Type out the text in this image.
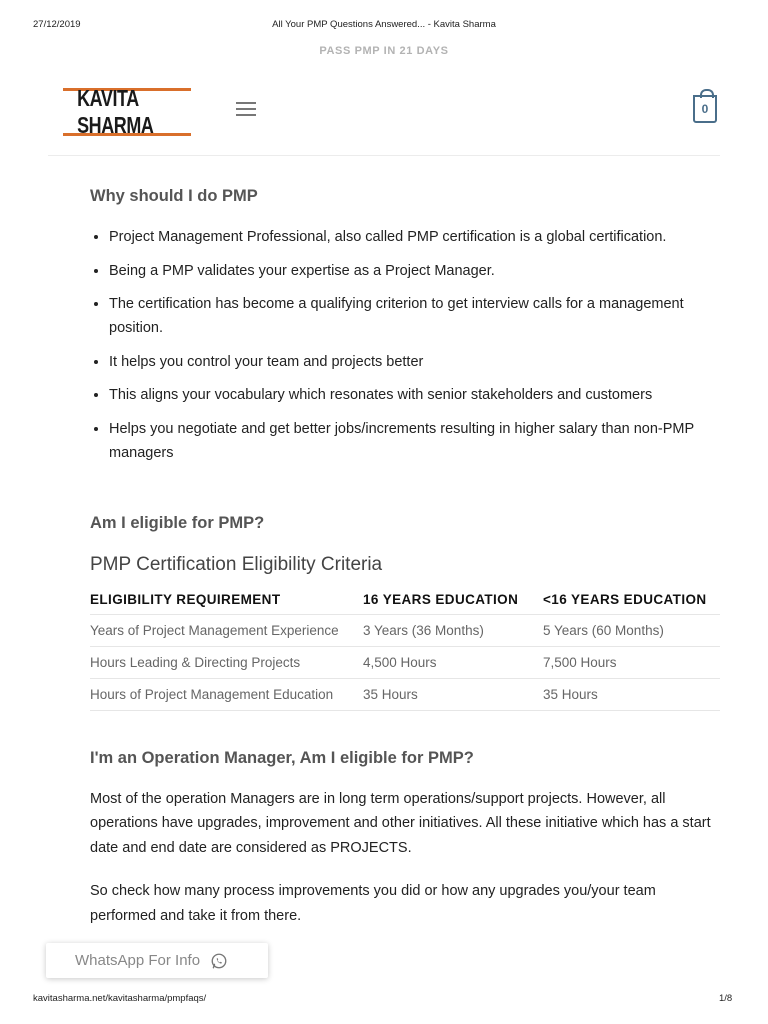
27/12/2019	All Your PMP Questions Answered... - Kavita Sharma
PASS PMP IN 21 DAYS
KAVITA SHARMA
0
Why should I do PMP
• Project Management Professional, also called PMP certification is a global certification.
• Being a PMP validates your expertise as a Project Manager.
• The certification has become a qualifying criterion to get interview calls for a management position.
• It helps you control your team and projects better
• This aligns your vocabulary which resonates with senior stakeholders and customers
• Helps you negotiate and get better jobs/increments resulting in higher salary than non-PMP managers
Am I eligible for PMP?
PMP Certification Eligibility Criteria
ELIGIBILITY REQUIREMENT	16 YEARS EDUCATION	<16 YEARS EDUCATION
Years of Project Management Experience	3 Years (36 Months)	5 Years (60 Months)
Hours Leading & Directing Projects	4,500 Hours	7,500 Hours
Hours of Project Management Education	35 Hours	35 Hours
I'm an Operation Manager, Am I eligible for PMP?

Most of the operation Managers are in long term operations/support projects. However, all operations have upgrades, improvement and other initiatives. All these initiative which has a start date and end date are considered as PROJECTS.

So check how many process improvements you did or how any upgrades you/your team performed and take it from there.

WhatsApp For Info
kavitasharma.net/kavitasharma/pmpfaqs/	1/8
